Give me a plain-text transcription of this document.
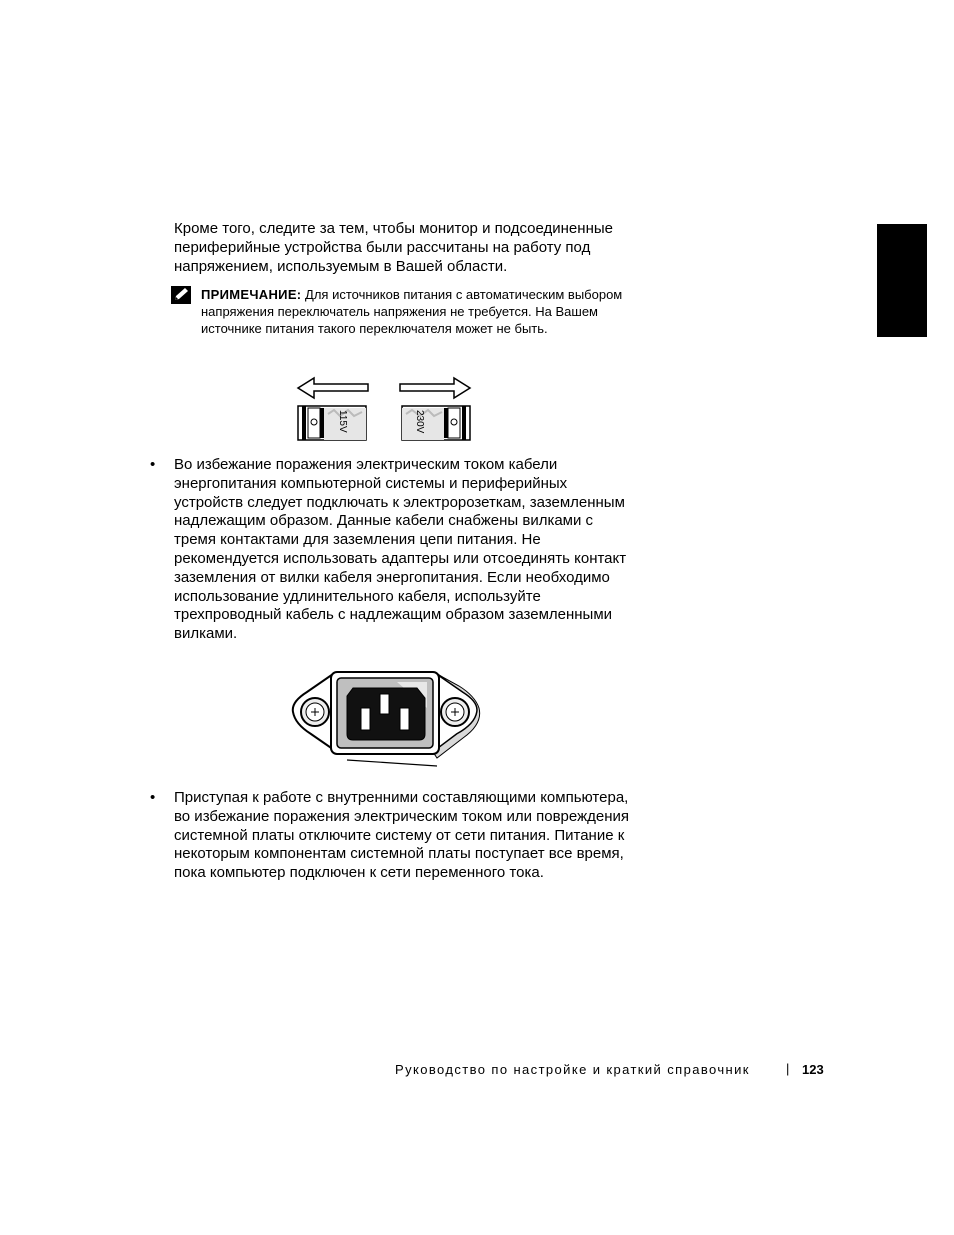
Кроме того, следите за тем, чтобы монитор и подсоединенные периферийные устройства были рассчитаны на работу под напряжением, используемым в Вашей области.
ПРИМЕЧАНИЕ: Для источников питания с автоматическим выбором напряжения переключатель напряжения не требуется. На Вашем источнике питания такого переключателя может не быть.
115V	230V
• Во избежание поражения электрическим током кабели энергопитания компьютерной системы и периферийных устройств следует подключать к электророзеткам, заземленным надлежащим образом. Данные кабели снабжены вилками с тремя контактами для заземления цепи питания. Не рекомендуется использовать адаптеры или отсоединять контакт заземления от вилки кабеля энергопитания. Если необходимо использование удлинительного кабеля, используйте трехпроводный кабель с надлежащим образом заземленными вилками.
• Приступая к работе с внутренними составляющими компьютера, во избежание поражения электрическим током или повреждения системной платы отключите систему от сети питания. Питание к некоторым компонентам системной платы поступает все время, пока компьютер подключен к сети переменного тока.
Руководство по настройке и краткий справочник	| 123
